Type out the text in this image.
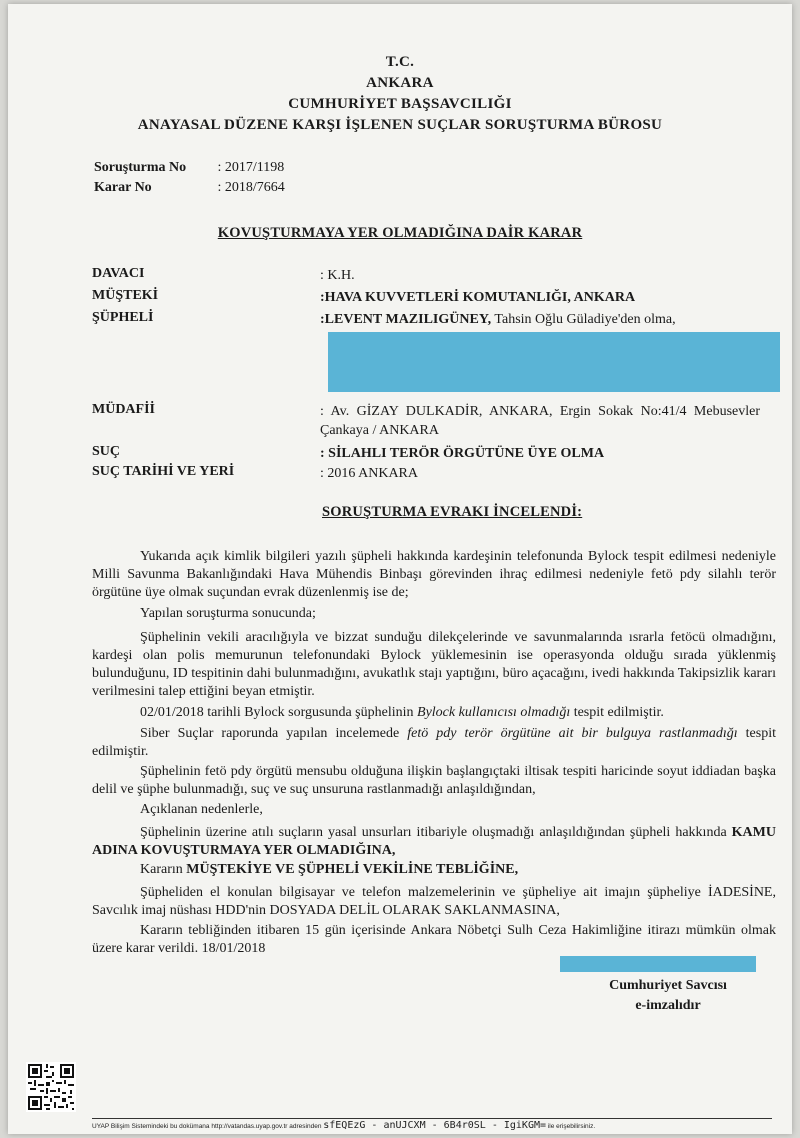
T.C.
ANKARA
CUMHURİYET BAŞSAVCILIĞI
ANAYASAL DÜZENE KARŞI İŞLENEN SUÇLAR SORUŞTURMA BÜROSU
Soruşturma No : 2017/1198
Karar No	: 2018/7664
KOVUŞTURMAYA YER OLMADIĞINA DAİR KARAR
DAVACI	: K.H.
MÜŞTEKİ	:HAVA KUVVETLERİ KOMUTANLIĞI, ANKARA
ŞÜPHELİ	:LEVENT MAZILIGÜNEY, Tahsin Oğlu Güladiye'den olma,
MÜDAFİİ	: Av. GİZAY DULKADİR, ANKARA, Ergin Sokak No:41/4 Mebusevler Çankaya / ANKARA
SUÇ	: SİLAHLI TERÖR ÖRGÜTÜNE ÜYE OLMA
SUÇ TARİHİ VE YERİ	: 2016 ANKARA
SORUŞTURMA EVRAKI İNCELENDİ:
Yukarıda açık kimlik bilgileri yazılı şüpheli hakkında kardeşinin telefonunda Bylock tespit edilmesi nedeniyle Milli Savunma Bakanlığındaki Hava Mühendis Binbaşı görevinden ihraç edilmesi nedeniyle fetö pdy silahlı terör örgütüne üye olmak suçundan evrak düzenlenmiş ise de;
Yapılan soruşturma sonucunda;
Şüphelinin vekili aracılığıyla ve bizzat sunduğu dilekçelerinde ve savunmalarında ısrarla fetöcü olmadığını, kardeşi olan polis memurunun telefonundaki Bylock yüklemesinin ise operasyonda olduğu sırada yüklenmiş bulunduğunu, ID tespitinin dahi bulunmadığını, avukatlık stajı yaptığını, büro açacağını, ivedi hakkında Takipsizlik kararı verilmesini talep ettiğini beyan etmiştir.
02/01/2018 tarihli Bylock sorgusunda şüphelinin Bylock kullanıcısı olmadığı tespit edilmiştir.
Siber Suçlar raporunda yapılan incelemede fetö pdy terör örgütüne ait bir bulguya rastlanmadığı tespit edilmiştir.
Şüphelinin fetö pdy örgütü mensubu olduğuna ilişkin başlangıçtaki iltisak tespiti haricinde soyut iddiadan başka delil ve şüphe bulunmadığı, suç ve suç unsuruna rastlanmadığı anlaşıldığından,
Açıklanan nedenlerle,
Şüphelinin üzerine atılı suçların yasal unsurları itibariyle oluşmadığı anlaşıldığından şüpheli hakkında KAMU ADINA KOVUŞTURMAYA YER OLMADIĞINA,
Kararın MÜŞTEKİYE VE ŞÜPHELİ VEKİLİNE TEBLİĞİNE,
Şüpheliden el konulan bilgisayar ve telefon malzemelerinin ve şüpheliye ait imajın şüpheliye İADESİNE, Savcılık imaj nüshası HDD'nin DOSYADA DELİL OLARAK SAKLANMASINA,
Kararın tebliğinden itibaren 15 gün içerisinde Ankara Nöbetçi Sulh Ceza Hakimliğine itirazı mümkün olmak üzere karar verildi. 18/01/2018
Cumhuriyet Savcısı
e-imzalıdır
UYAP Bilişim Sistemindeki bu dokümana http://vatandas.uyap.gov.tr adresinden sfEQEzG - anUJCXM - 6B4r0SL - IgiKGM= ile erişebilirsiniz.
